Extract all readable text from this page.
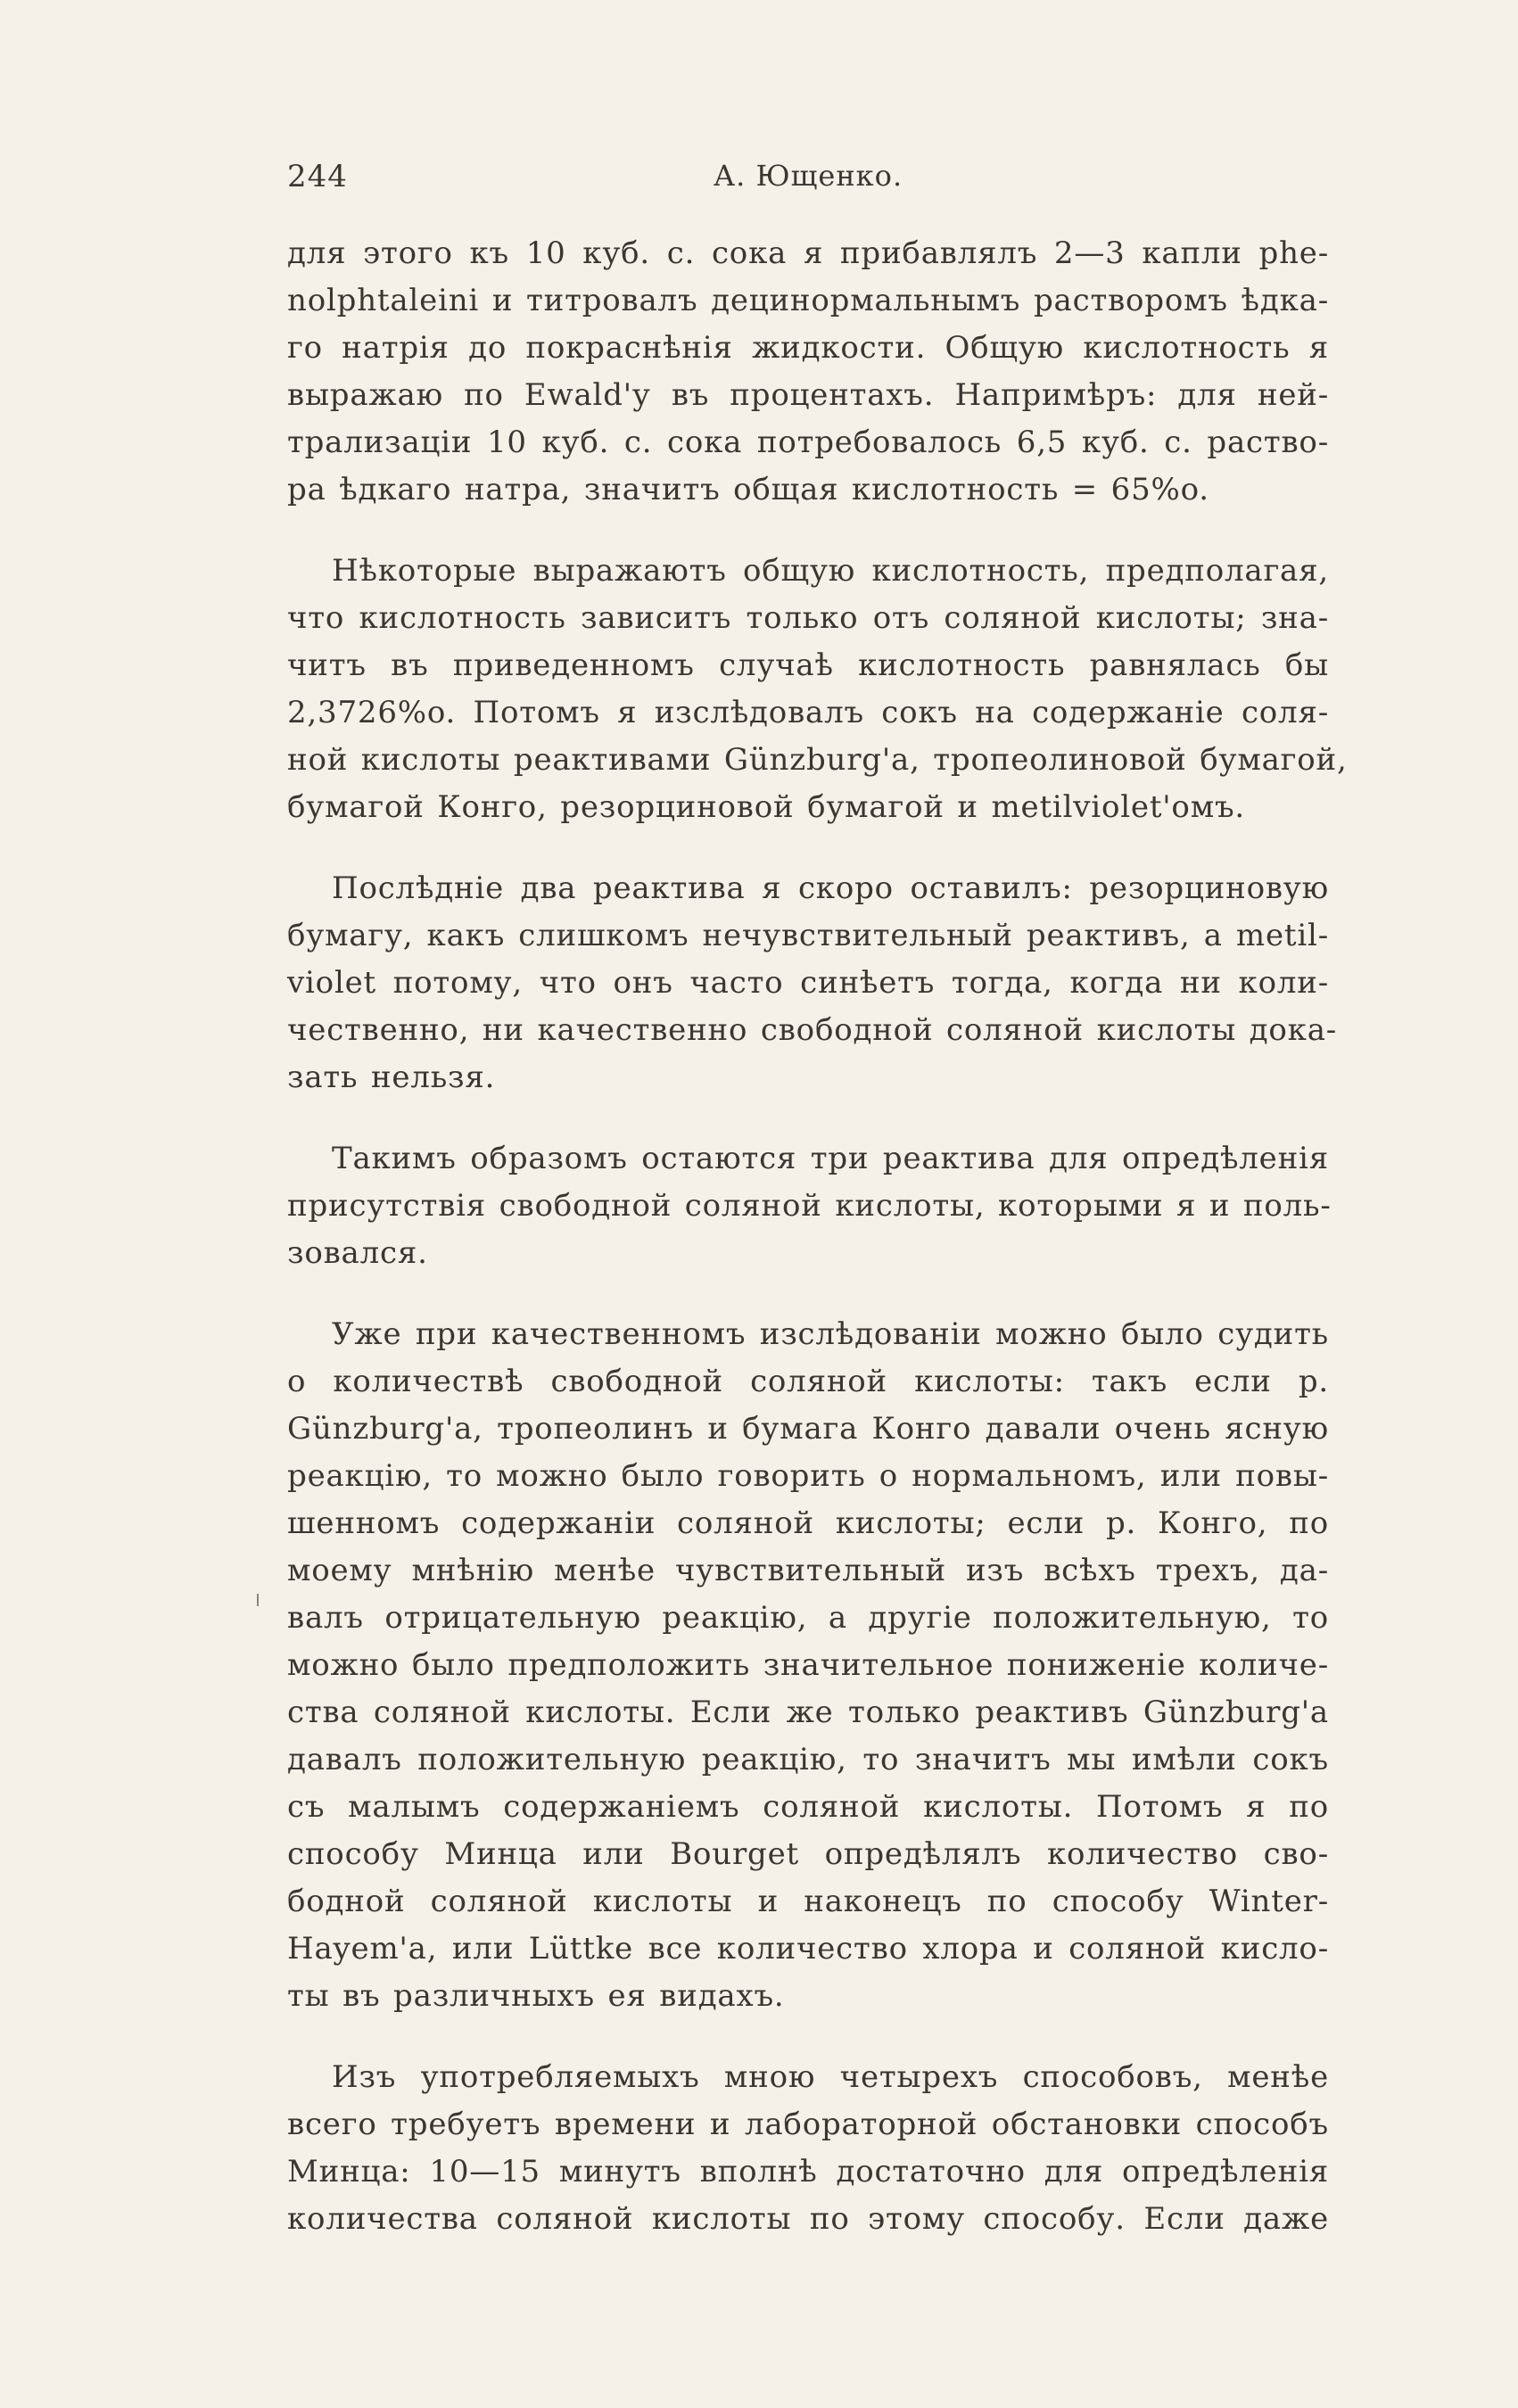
244	А. Ющенко.

для этого къ 10 куб. с. сока я прибавлялъ 2—3 капли phe-
nolphtaleini и титровалъ децинормальнымъ растворомъ ѣдка-
го натрія до покраснѣнія жидкости. Общую кислотность я
выражаю по Ewald'у въ процентахъ. Напримѣръ: для ней-
трализаціи 10 куб. с. сока потребовалось 6,5 куб. с. раство-
ра ѣдкаго натра, значитъ общая кислотность = 65%o.

Нѣкоторые выражаютъ общую кислотность, предполагая,
что кислотность зависитъ только отъ соляной кислоты; зна-
читъ въ приведенномъ случаѣ кислотность равнялась бы
2,3726%o. Потомъ я изслѣдовалъ сокъ на содержаніе соля-
ной кислоты реактивами Günzburg'a, тропеолиновой бумагой,
бумагой Конго, резорциновой бумагой и metilviolet'омъ.

Послѣдніе два реактива я скоро оставилъ: резорциновую
бумагу, какъ слишкомъ нечувствительный реактивъ, а metil-
violet потому, что онъ часто синѣетъ тогда, когда ни коли-
чественно, ни качественно свободной соляной кислоты дока-
зать нельзя.

Такимъ образомъ остаются три реактива для опредѣленія
присутствія свободной соляной кислоты, которыми я и поль-
зовался.

Уже при качественномъ изслѣдованіи можно было судить
о количествѣ свободной соляной кислоты: такъ если р.
Günzburg'a, тропеолинъ и бумага Конго давали очень ясную
реакцію, то можно было говорить о нормальномъ, или повы-
шенномъ содержаніи соляной кислоты; если р. Конго, по
моему мнѣнію менѣе чувствительный изъ всѣхъ трехъ, да-
валъ отрицательную реакцію, а другіе положительную, то
можно было предположить значительное пониженіе количе-
ства соляной кислоты. Если же только реактивъ Günzburg'a
давалъ положительную реакцію, то значитъ мы имѣли сокъ
съ малымъ содержаніемъ соляной кислоты. Потомъ я по
способу Минца или Bourget опредѣлялъ количество сво-
бодной соляной кислоты и наконецъ по способу Winter-
Hayem'a, или Lüttke все количество хлора и соляной кисло-
ты въ различныхъ ея видахъ.

Изъ употребляемыхъ мною четырехъ способовъ, менѣе
всего требуетъ времени и лабораторной обстановки способъ
Минца: 10—15 минутъ вполнѣ достаточно для опредѣленія
количества соляной кислоты по этому способу. Если даже
